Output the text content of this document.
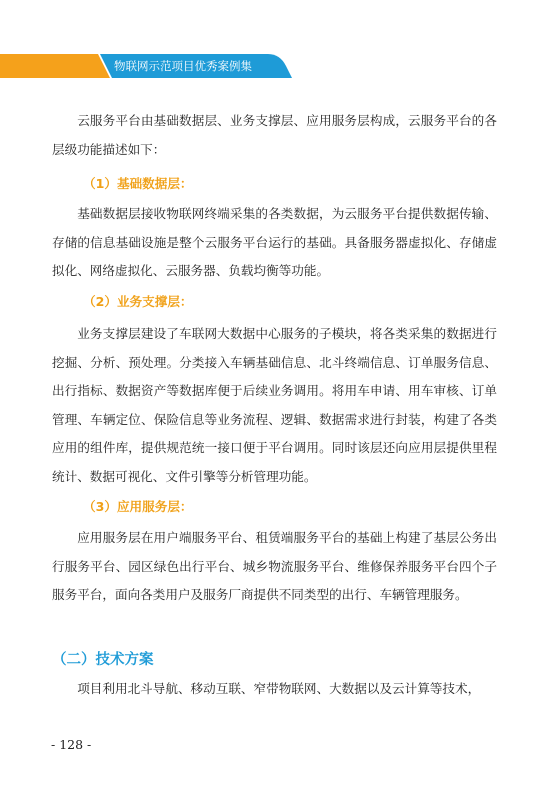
物联网示范项目优秀案例集

云服务平台由基础数据层、业务支撑层、应用服务层构成，云服务平台的各层级功能描述如下：

（1）基础数据层：

基础数据层接收物联网终端采集的各类数据，为云服务平台提供数据传输、存储的信息基础设施是整个云服务平台运行的基础。具备服务器虚拟化、存储虚拟化、网络虚拟化、云服务器、负载均衡等功能。

（2）业务支撑层：

业务支撑层建设了车联网大数据中心服务的子模块，将各类采集的数据进行挖掘、分析、预处理。分类接入车辆基础信息、北斗终端信息、订单服务信息、出行指标、数据资产等数据库便于后续业务调用。将用车申请、用车审核、订单管理、车辆定位、保险信息等业务流程、逻辑、数据需求进行封装，构建了各类应用的组件库，提供规范统一接口便于平台调用。同时该层还向应用层提供里程统计、数据可视化、文件引擎等分析管理功能。

（3）应用服务层：

应用服务层在用户端服务平台、租赁端服务平台的基础上构建了基层公务出行服务平台、园区绿色出行平台、城乡物流服务平台、维修保养服务平台四个子服务平台，面向各类用户及服务厂商提供不同类型的出行、车辆管理服务。

（二）技术方案

项目利用北斗导航、移动互联、窄带物联网、大数据以及云计算等技术，

- 128 -
